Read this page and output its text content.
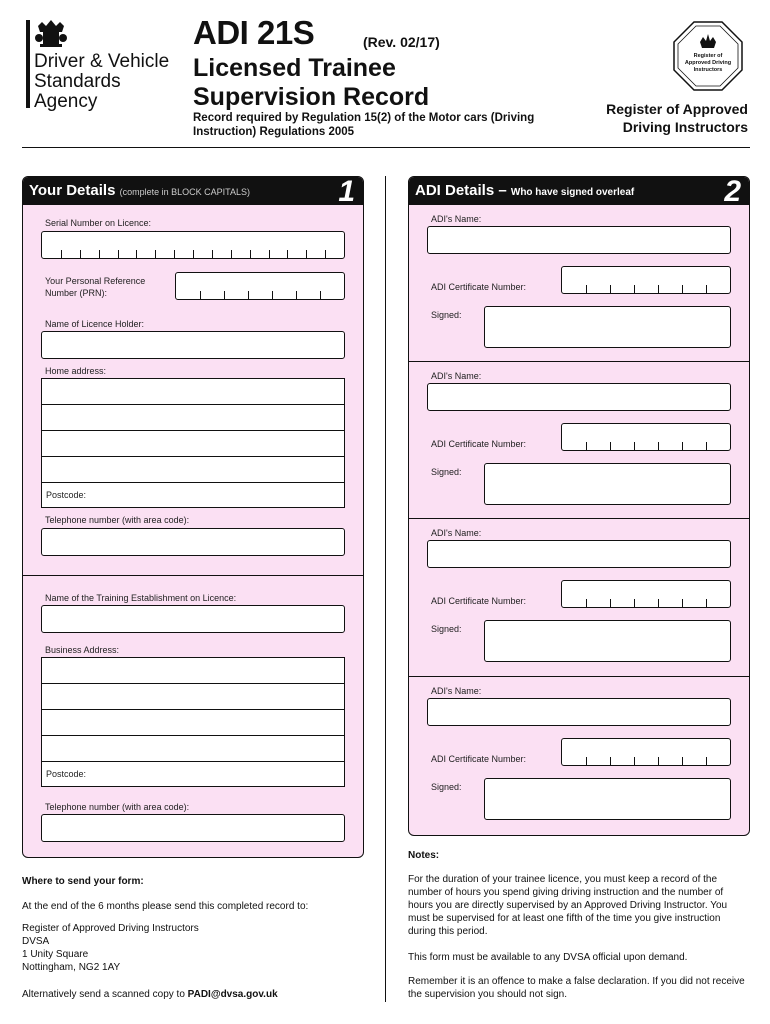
Driver & Vehicle Standards Agency
ADI 21S	(Rev. 02/17)
Licensed Trainee Supervision Record
Record required by Regulation 15(2) of the Motor cars (Driving Instruction) Regulations 2005
Register of Approved Driving Instructors
Register of Approved Driving Instructors
Your Details (complete in BLOCK CAPITALS)	1
Serial Number on Licence:
Your Personal Reference Number (PRN):
Name of Licence Holder:
Home address:
Postcode:
Telephone number (with area code):
Name of the Training Establishment on Licence:
Business Address:
Postcode:
Telephone number (with area code):
ADI Details – Who have signed overleaf	2
ADI's Name:
ADI Certificate Number:
Signed:
ADI's Name:
ADI Certificate Number:
Signed:
ADI's Name:
ADI Certificate Number:
Signed:
ADI's Name:
ADI Certificate Number:
Signed:
Where to send your form:
At the end of the 6 months please send this completed record to:
Register of Approved Driving Instructors
DVSA
1 Unity Square
Nottingham, NG2 1AY
Alternatively send a scanned copy to PADI@dvsa.gov.uk
Notes:
For the duration of your trainee licence, you must keep a record of the number of hours you spend giving driving instruction and the number of hours you are directly supervised by an Approved Driving Instructor. You must be supervised for at least one fifth of the time you give instruction during this period.
This form must be available to any DVSA official upon demand.
Remember it is an offence to make a false declaration. If you did not receive the supervision you should not sign.
